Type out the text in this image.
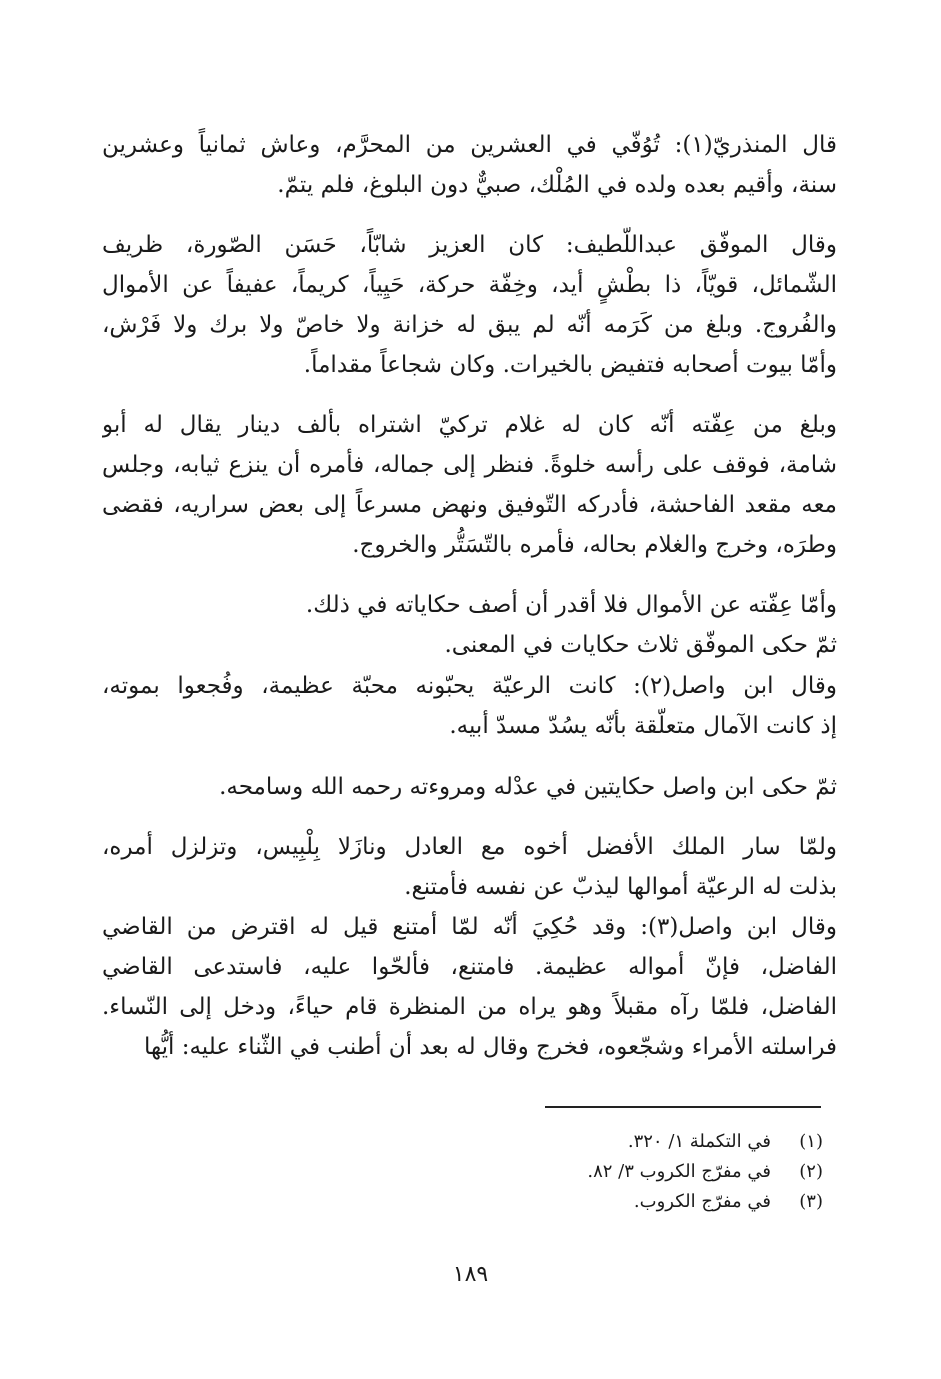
قال المنذريّ(١): تُوُفّي في العشرين من المحرَّم، وعاش ثمانياً وعشرين
سنة، وأقيم بعده ولده في المُلْك، صبيٌّ دون البلوغ، فلم يتمّ.
وقال الموفّق عبداللّطيف: كان العزيز شابّاً، حَسَن الصّورة، ظريف
الشّمائل، قويّاً، ذا بطْشٍ أيد، وخِفّة حركة، حَيِياً، كريماً، عفيفاً عن الأموال
والفُروج. وبلغ من كَرَمه أنّه لم يبق له خزانة ولا خاصّ ولا برك ولا فَرْش،
وأمّا بيوت أصحابه فتفيض بالخيرات. وكان شجاعاً مقداماً.
وبلغ من عِفّته أنّه كان له غلام تركيّ اشتراه بألف دينار يقال له أبو
شامة، فوقف على رأسه خلوةً. فنظر إلى جماله، فأمره أن ينزع ثيابه، وجلس
معه مقعد الفاحشة، فأدركه التّوفيق ونهض مسرعاً إلى بعض سراريه، فقضى
وطرَه، وخرج والغلام بحاله، فأمره بالتّسَتُّر والخروج.
وأمّا عِفّته عن الأموال فلا أقدر أن أصف حكاياته في ذلك.
ثمّ حكى الموفّق ثلاث حكايات في المعنى.
وقال ابن واصل(٢): كانت الرعيّة يحبّونه محبّة عظيمة، وفُجعوا بموته،
إذ كانت الآمال متعلّقة بأنّه يسُدّ مسدّ أبيه.
ثمّ حكى ابن واصل حكايتين في عدْله ومروءته رحمه الله وسامحه.
ولمّا سار الملك الأفضل أخوه مع العادل ونازَلا بِلْبِيس، وتزلزل أمره،
بذلت له الرعيّة أموالها ليذبّ عن نفسه فأمتنع.
وقال ابن واصل(٣): وقد حُكِيَ أنّه لمّا أمتنع قيل له اقترض من القاضي
الفاضل، فإنّ أمواله عظيمة. فامتنع، فألحّوا عليه، فاستدعى القاضي
الفاضل، فلمّا رآه مقبلاً وهو يراه من المنظرة قام حياءً، ودخل إلى النّساء.
فراسلته الأمراء وشجّعوه، فخرج وقال له بعد أن أطنب في الثّناء عليه: أيُّها
(١)في التكملة ١/ ٣٢٠.
(٢)في مفرّج الكروب ٣/ ٨٢.
(٣)في مفرّج الكروب.
١٨٩
